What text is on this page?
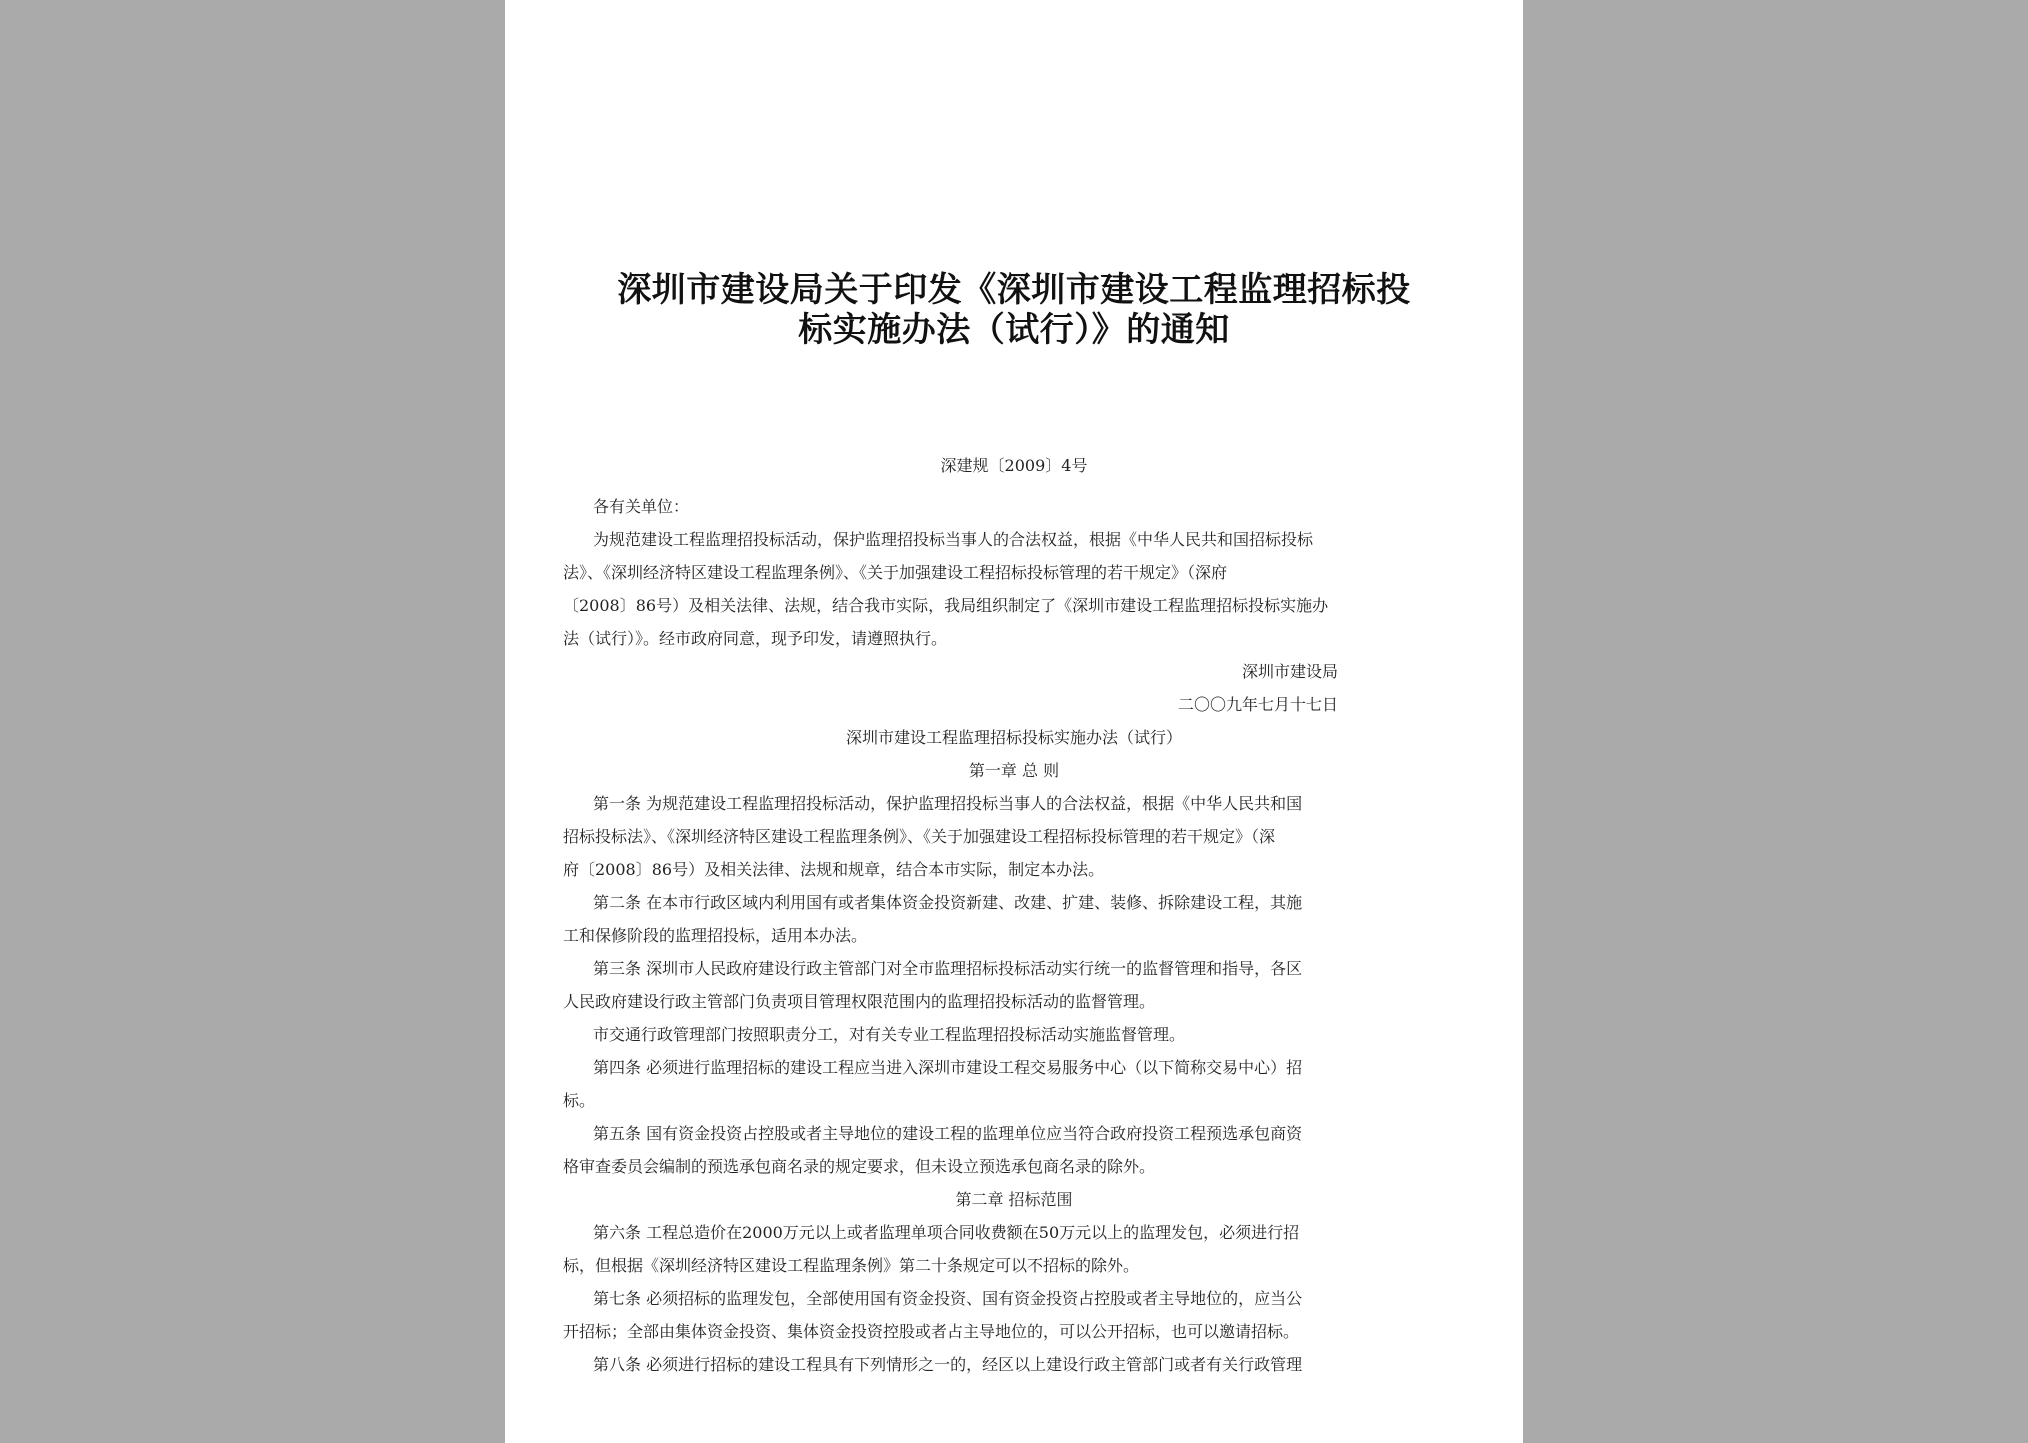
深圳市建设局关于印发《深圳市建设工程监理招标投
标实施办法（试行）》的通知
深建规〔2009〕4号
各有关单位：
为规范建设工程监理招投标活动，保护监理招投标当事人的合法权益，根据《中华人民共和国招标投标
法》、《深圳经济特区建设工程监理条例》、《关于加强建设工程招标投标管理的若干规定》（深府
〔2008〕86号）及相关法律、法规，结合我市实际，我局组织制定了《深圳市建设工程监理招标投标实施办
法（试行）》。经市政府同意，现予印发，请遵照执行。
深圳市建设局
二〇〇九年七月十七日
深圳市建设工程监理招标投标实施办法（试行）
第一章 总 则
第一条 为规范建设工程监理招投标活动，保护监理招投标当事人的合法权益，根据《中华人民共和国
招标投标法》、《深圳经济特区建设工程监理条例》、《关于加强建设工程招标投标管理的若干规定》（深
府〔2008〕86号）及相关法律、法规和规章，结合本市实际，制定本办法。
第二条 在本市行政区域内利用国有或者集体资金投资新建、改建、扩建、装修、拆除建设工程，其施
工和保修阶段的监理招投标，适用本办法。
第三条 深圳市人民政府建设行政主管部门对全市监理招标投标活动实行统一的监督管理和指导，各区
人民政府建设行政主管部门负责项目管理权限范围内的监理招投标活动的监督管理。
市交通行政管理部门按照职责分工，对有关专业工程监理招投标活动实施监督管理。
第四条 必须进行监理招标的建设工程应当进入深圳市建设工程交易服务中心（以下简称交易中心）招
标。
第五条 国有资金投资占控股或者主导地位的建设工程的监理单位应当符合政府投资工程预选承包商资
格审查委员会编制的预选承包商名录的规定要求，但未设立预选承包商名录的除外。
第二章 招标范围
第六条 工程总造价在2000万元以上或者监理单项合同收费额在50万元以上的监理发包，必须进行招
标，但根据《深圳经济特区建设工程监理条例》第二十条规定可以不招标的除外。
第七条 必须招标的监理发包，全部使用国有资金投资、国有资金投资占控股或者主导地位的，应当公
开招标；全部由集体资金投资、集体资金投资控股或者占主导地位的，可以公开招标，也可以邀请招标。
第八条 必须进行招标的建设工程具有下列情形之一的，经区以上建设行政主管部门或者有关行政管理
